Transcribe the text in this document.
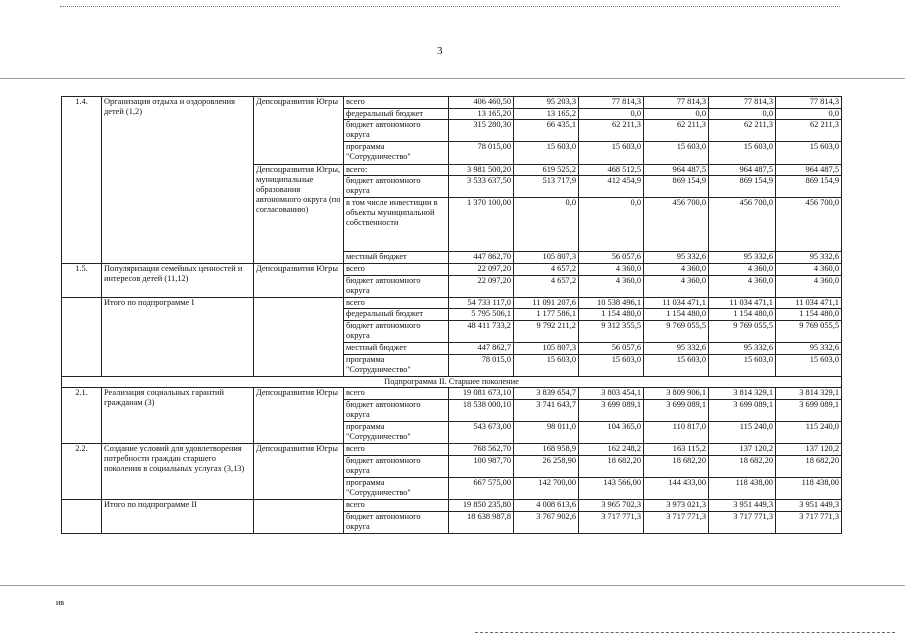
3
1.4.	Организация отдыха и оздоровления детей (1,2)	Депсоцразвития Югры	всего	406 460,50	95 203,3	77 814,3	77 814,3	77 814,3	77 814,3
			федеральный бюджет	13 165,20	13 165,2	0,0	0,0	0,0	0,0
			бюджет автономного округа	315 280,30	66 435,1	62 211,3	62 211,3	62 211,3	62 211,3
			программа "Сотрудничество"	78 015,00	15 603,0	15 603,0	15 603,0	15 603,0	15 603,0
		Депсоцразвития Югры, муниципальные образования автономного округа (по согласованию)	всего:	3 981 500,20	619 525,2	468 512,5	964 487,5	964 487,5	964 487,5
			бюджет автономного округа	3 533 637,50	513 717,9	412 454,9	869 154,9	869 154,9	869 154,9
			в том числе инвестиции в объекты муниципальной собственности	1 370 100,00	0,0	0,0	456 700,0	456 700,0	456 700,0
			местный бюджет	447 862,70	105 807,3	56 057,6	95 332,6	95 332,6	95 332,6
1.5.	Популяризация семейных ценностей и интересов детей (11,12)	Депсоцразвития Югры	всего	22 097,20	4 657,2	4 360,0	4 360,0	4 360,0	4 360,0
			бюджет автономного округа	22 097,20	4 657,2	4 360,0	4 360,0	4 360,0	4 360,0
	Итого по подпрограмме I		всего	54 733 117,0	11 091 207,6	10 538 496,1	11 034 471,1	11 034 471,1	11 034 471,1
			федеральный бюджет	5 795 506,1	1 177 586,1	1 154 480,0	1 154 480,0	1 154 480,0	1 154 480,0
			бюджет автономного округа	48 411 733,2	9 792 211,2	9 312 355,5	9 769 055,5	9 769 055,5	9 769 055,5
			местный бюджет	447 862,7	105 807,3	56 057,6	95 332,6	95 332,6	95 332,6
			программа "Сотрудничество"	78 015,0	15 603,0	15 603,0	15 603,0	15 603,0	15 603,0
Подпрограмма II. Старшее поколение									
2.1.	Реализация социальных гарантий гражданам (3)	Депсоцразвития Югры	всего	19 081 673,10	3 839 654,7	3 803 454,1	3 809 906,1	3 814 329,1	3 814 329,1
			бюджет автономного округа	18 538 000,10	3 741 643,7	3 699 089,1	3 699 089,1	3 699 089,1	3 699 089,1
			программа "Сотрудничество"	543 673,00	98 011,0	104 365,0	110 817,0	115 240,0	115 240,0
2.2.	Создание условий для удовлетворения потребности граждан старшего поколения в социальных услугах (3,13)	Депсоцразвития Югры	всего	768 562,70	168 958,9	162 248,2	163 115,2	137 120,2	137 120,2
			бюджет автономного округа	100 987,70	26 258,90	18 682,20	18 682,20	18 682,20	18 682,20
			программа "Сотрудничество"	667 575,00	142 700,00	143 566,00	144 433,00	118 438,00	118 438,00
	Итого по подпрограмме II		всего	19 850 235,80	4 008 613,6	3 965 702,3	3 973 021,3	3 951 449,3	3 951 449,3
			бюджет автономного округа	18 638 987,8	3 767 902,6	3 717 771,3	3 717 771,3	3 717 771,3	3 717 771,3
ив
